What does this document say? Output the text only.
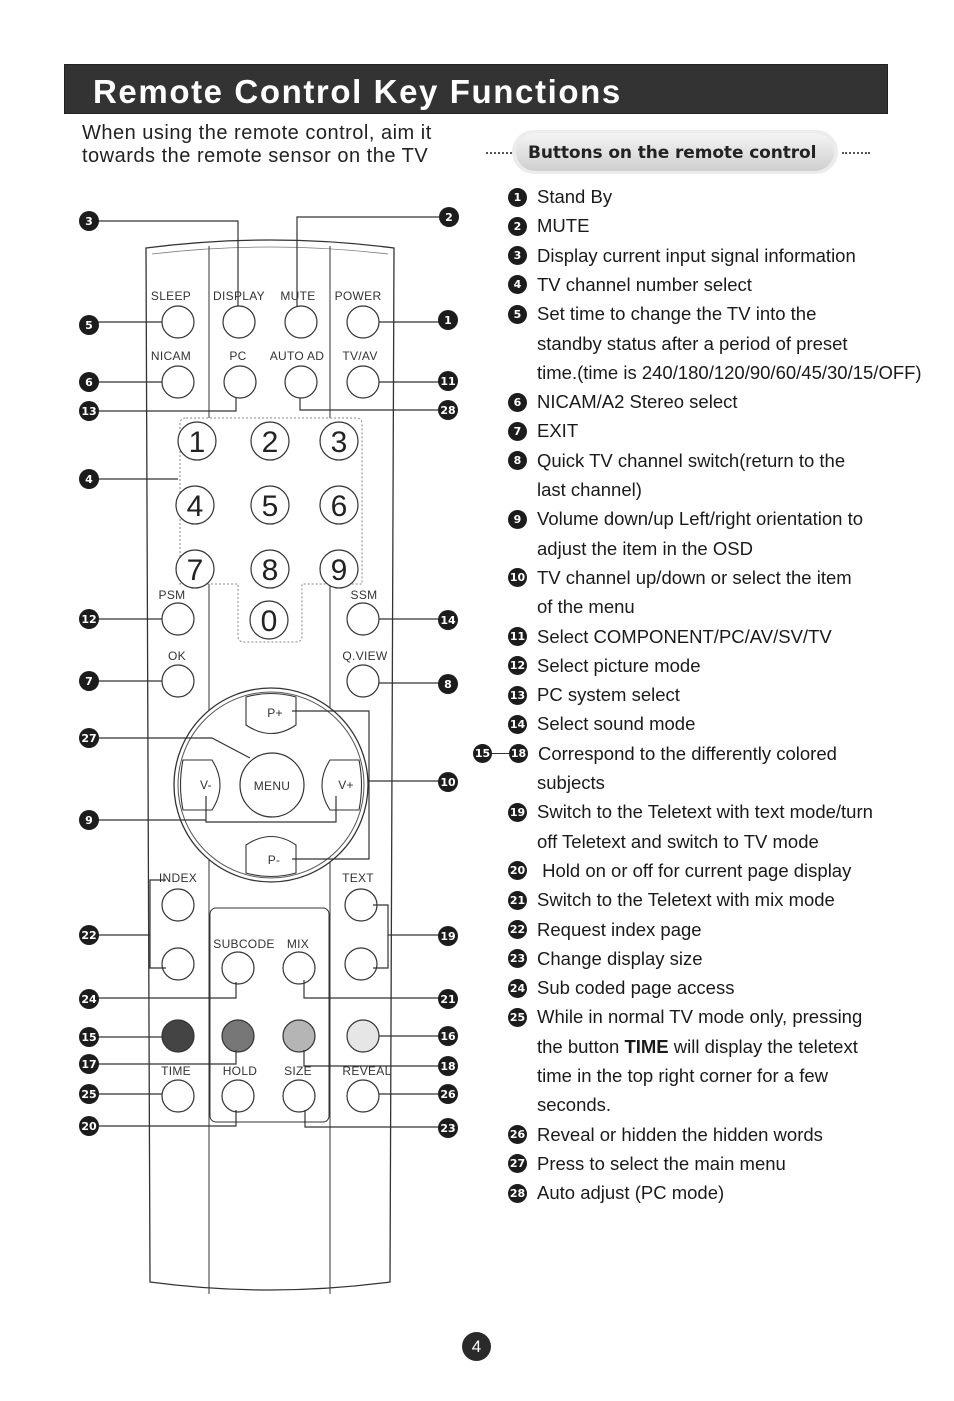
Remote Control Key Functions
When using the remote control, aim it
towards the remote sensor on the TV	Buttons on the remote control
SLEEP DISPLAY MUTE POWER
NICAM	PC AUTO AD TV/AV
1 2 3
4 5 6
7 8 9
0
PSM	SSM
OK	Q.VIEW
P+
P-
V-	V+
MENU
INDEX	TEXT
SUBCODE MIX
TIME	HOLD SIZE	REVEAL
1
2
3
4
5
6
7	8
9
10
11
12
13
14
15	16
17	18
19
20
21
22
23
24
25	26
27
28
1 Stand By
2 MUTE
3 Display current input signal information
4 TV channel number select
5 Set time to change the TV into the
standby status after a period of preset
time.(time is 240/180/120/90/60/45/30/15/OFF)
6 NICAM/A2 Stereo select
7 EXIT
8 Quick TV channel switch(return to the
last channel)
9 Volume down/up Left/right orientation to
adjust the item in the OSD
10 TV channel up/down or select the item
of the menu
11 Select COMPONENT/PC/AV/SV/TV
12 Select picture mode
13 PC system select
14 Select sound mode
15 18 Correspond to the differently colored
subjects
19 Switch to the Teletext with text mode/turn
off Teletext and switch to TV mode
20 Hold on or off for current page display
21 Switch to the Teletext with mix mode
22 Request index page
23 Change display size
24 Sub coded page access
25 While in normal TV mode only, pressing
the button TIME will display the teletext
time in the top right corner for a few
seconds.
26 Reveal or hidden the hidden words
27 Press to select the main menu
28 Auto adjust (PC mode)
4
